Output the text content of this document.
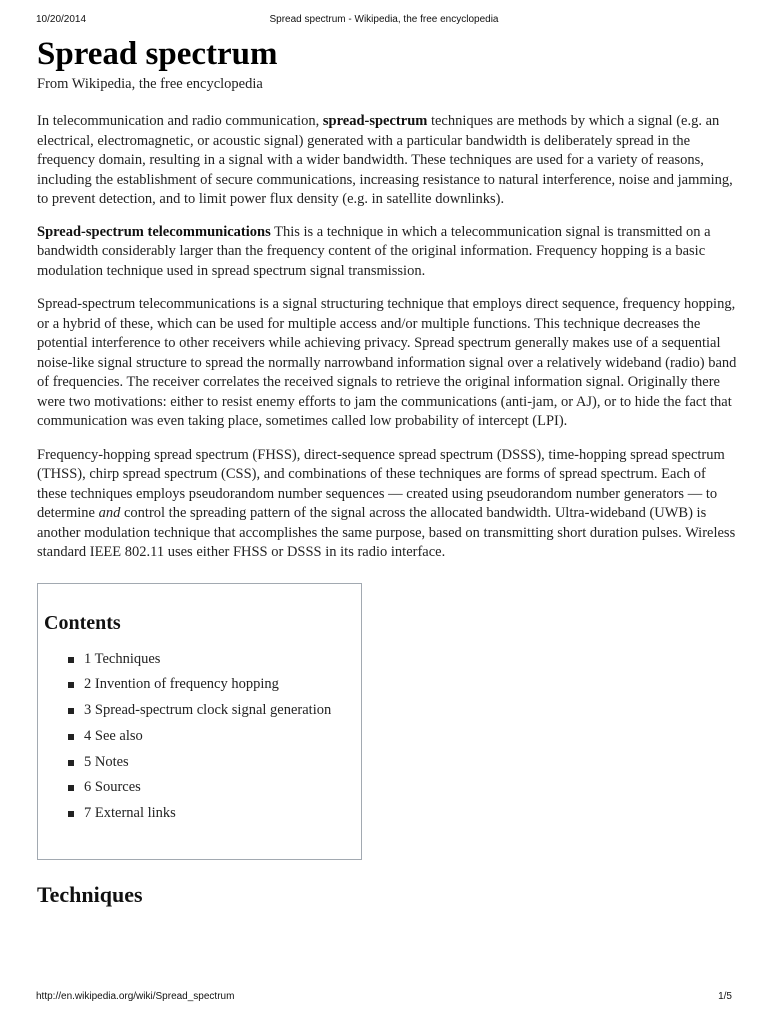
10/20/2014	Spread spectrum - Wikipedia, the free encyclopedia
Spread spectrum
From Wikipedia, the free encyclopedia

In telecommunication and radio communication, spread-spectrum techniques are methods by which a signal (e.g. an electrical, electromagnetic, or acoustic signal) generated with a particular bandwidth is deliberately spread in the frequency domain, resulting in a signal with a wider bandwidth. These techniques are used for a variety of reasons, including the establishment of secure communications, increasing resistance to natural interference, noise and jamming, to prevent detection, and to limit power flux density (e.g. in satellite downlinks).

Spread-spectrum telecommunications This is a technique in which a telecommunication signal is transmitted on a bandwidth considerably larger than the frequency content of the original information. Frequency hopping is a basic modulation technique used in spread spectrum signal transmission.

Spread-spectrum telecommunications is a signal structuring technique that employs direct sequence, frequency hopping, or a hybrid of these, which can be used for multiple access and/or multiple functions. This technique decreases the potential interference to other receivers while achieving privacy. Spread spectrum generally makes use of a sequential noise-like signal structure to spread the normally narrowband information signal over a relatively wideband (radio) band of frequencies. The receiver correlates the received signals to retrieve the original information signal. Originally there were two motivations: either to resist enemy efforts to jam the communications (anti-jam, or AJ), or to hide the fact that communication was even taking place, sometimes called low probability of intercept (LPI).

Frequency-hopping spread spectrum (FHSS), direct-sequence spread spectrum (DSSS), time-hopping spread spectrum (THSS), chirp spread spectrum (CSS), and combinations of these techniques are forms of spread spectrum. Each of these techniques employs pseudorandom number sequences — created using pseudorandom number generators — to determine and control the spreading pattern of the signal across the allocated bandwidth. Ultra-wideband (UWB) is another modulation technique that accomplishes the same purpose, based on transmitting short duration pulses. Wireless standard IEEE 802.11 uses either FHSS or DSSS in its radio interface.

Contents
1 Techniques
2 Invention of frequency hopping
3 Spread-spectrum clock signal generation
4 See also
5 Notes
6 Sources
7 External links
Techniques
http://en.wikipedia.org/wiki/Spread_spectrum	1/5
